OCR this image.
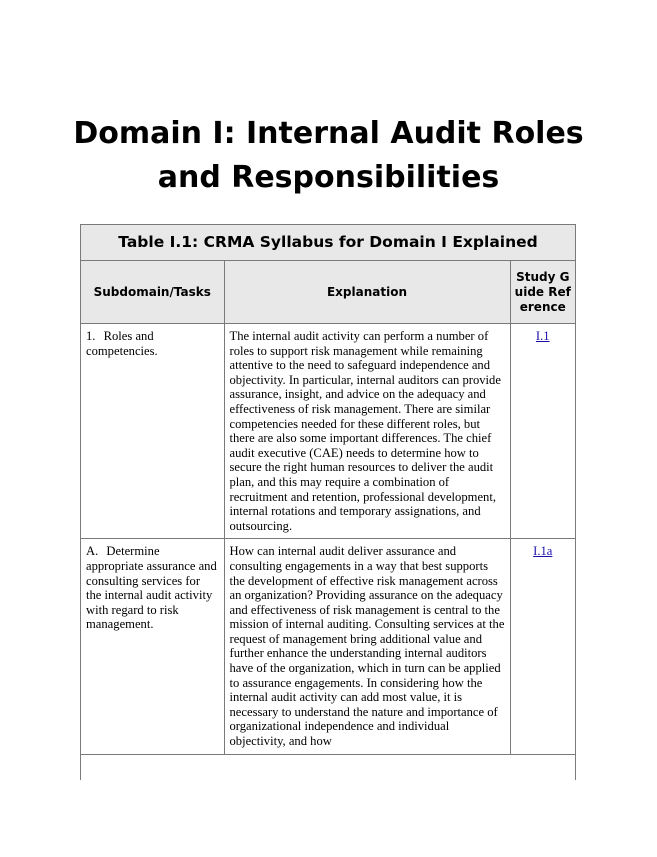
Domain I: Internal Audit Roles
and Responsibilities
Table I.1: CRMA Syllabus for Domain I Explained		
Subdomain/Tasks	Explanation	Study Guide Reference
1. Roles and competencies.	The internal audit activity can perform a number of roles to support risk management while remaining attentive to the need to safeguard independence and objectivity. In particular, internal auditors can provide assurance, insight, and advice on the adequacy and effectiveness of risk management. There are similar competencies needed for these different roles, but there are also some important differences. The chief audit executive (CAE) needs to determine how to secure the right human resources to deliver the audit plan, and this may require a combination of recruitment and retention, professional development, internal rotations and temporary assignations, and outsourcing.	I.1
A. Determine appropriate assurance and consulting services for the internal audit activity with regard to risk management.	How can internal audit deliver assurance and consulting engagements in a way that best supports the development of effective risk management across an organization? Providing assurance on the adequacy and effectiveness of risk management is central to the mission of internal auditing. Consulting services at the request of management bring additional value and further enhance the understanding internal auditors have of the organization, which in turn can be applied to assurance engagements. In considering how the internal audit activity can add most value, it is necessary to understand the nature and importance of organizational independence and individual objectivity, and how	I.1a
